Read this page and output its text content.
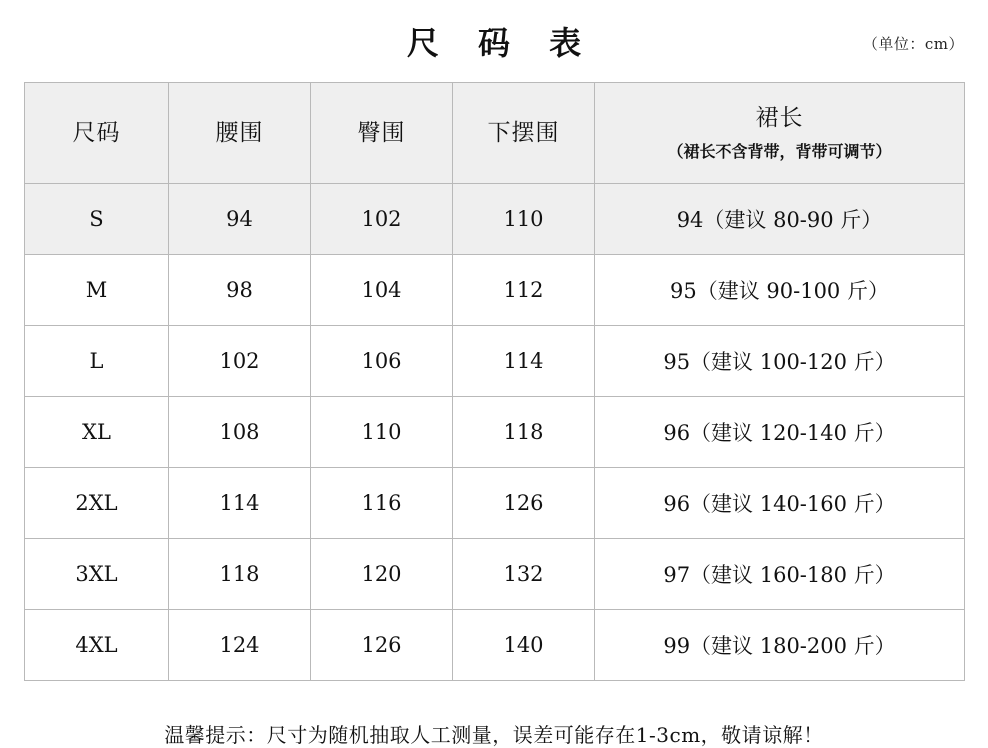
尺 码 表	（单位：cm）
尺码	腰围	臀围	下摆围	裙长
（裙长不含背带，背带可调节）

S	94	102	110	94（建议 80-90 斤）
M	98	104	112	95（建议 90-100 斤）
L	102	106	114	95（建议 100-120 斤）
XL	108	110	118	96（建议 120-140 斤）
2XL	114	116	126	96（建议 140-160 斤）
3XL	118	120	132	97（建议 160-180 斤）
4XL	124	126	140	99（建议 180-200 斤）
温馨提示：尺寸为随机抽取人工测量，误差可能存在1-3cm，敬请谅解！
